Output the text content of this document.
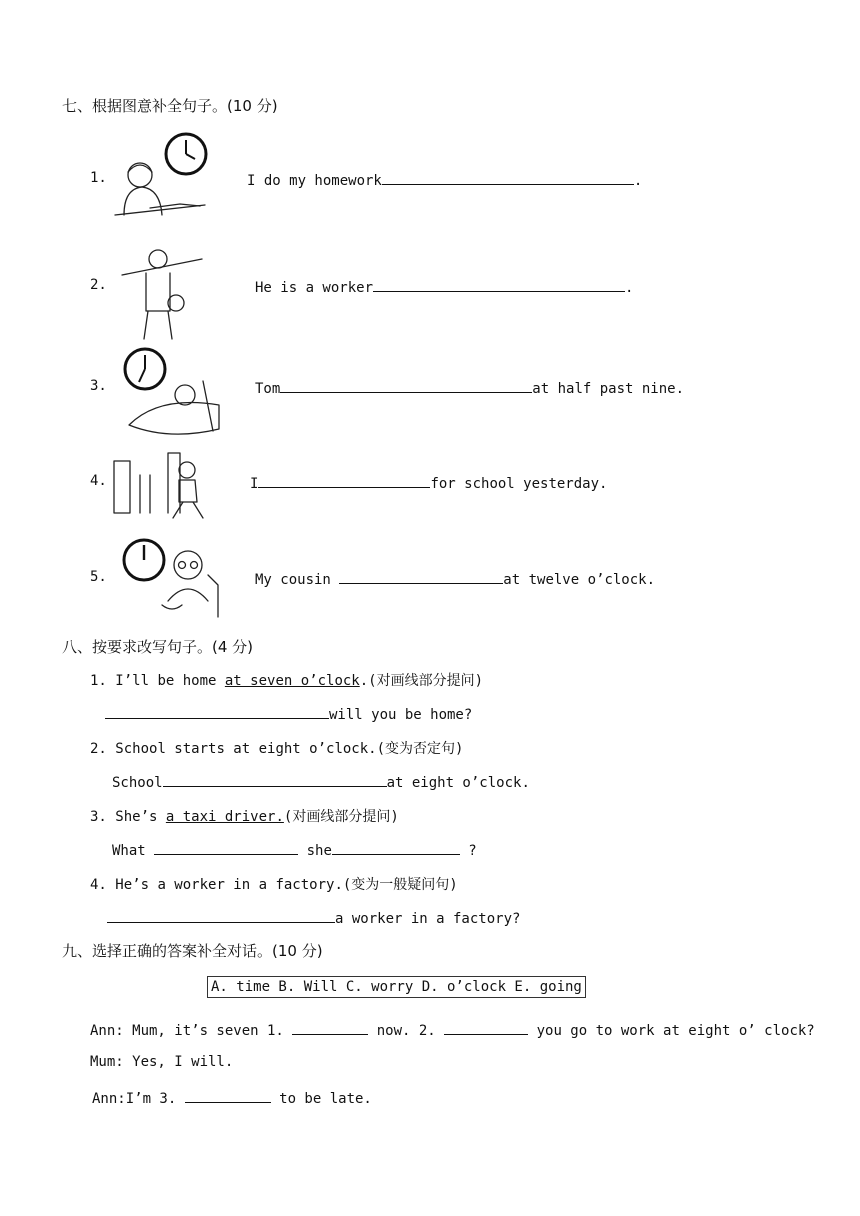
七、根据图意补全句子。(10 分)
1.	I do my homework	.
2.	He is a worker	.
3.	Tom	at half past nine.
4.	I	for school yesterday.
5.	My cousin	at twelve o’clock.
八、按要求改写句子。(4 分)
1. I’ll be home at seven o’clock.(对画线部分提问)
will you be home?
2. School starts at eight o’clock.(变为否定句)
School	at eight o’clock.
3. She’s a taxi driver.(对画线部分提问)
What	she	?
4. He’s a worker in a factory.(变为一般疑问句)
a worker in a factory?
九、选择正确的答案补全对话。(10 分)
A. time B. Will C. worry D. o’clock E. going
Ann: Mum, it’s seven 1.	now. 2.	you go to work at eight o’ clock?
Mum: Yes, I will.
Ann:I’m 3.	to be late.
